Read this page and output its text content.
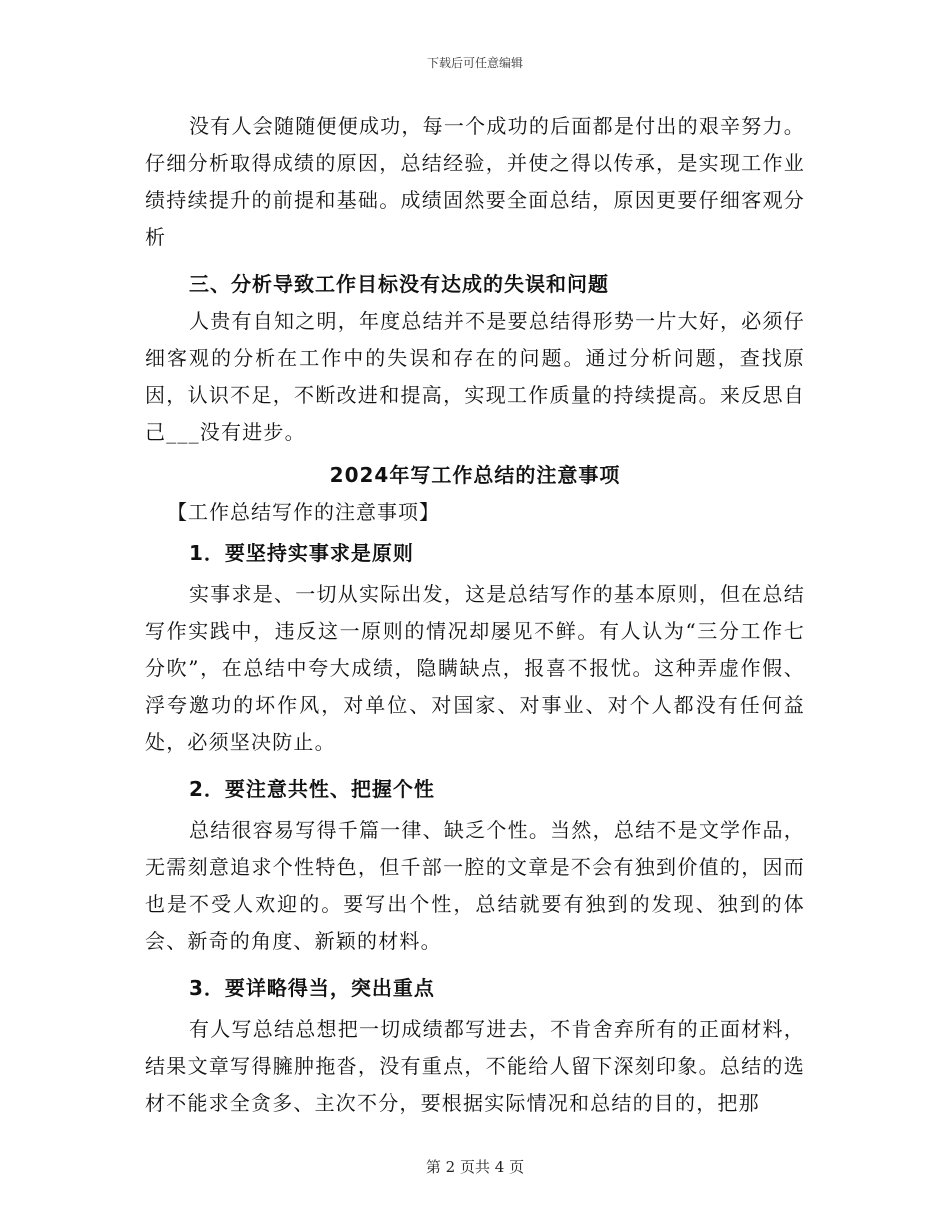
下载后可任意编辑

没有人会随随便便成功，每一个成功的后面都是付出的艰辛努力。仔细分析取得成绩的原因，总结经验，并使之得以传承，是实现工作业绩持续提升的前提和基础。成绩固然要全面总结，原因更要仔细客观分析

三、分析导致工作目标没有达成的失误和问题

人贵有自知之明，年度总结并不是要总结得形势一片大好，必须仔细客观的分析在工作中的失误和存在的问题。通过分析问题，查找原因，认识不足，不断改进和提高，实现工作质量的持续提高。来反思自己___没有进步。

2024年写工作总结的注意事项

【工作总结写作的注意事项】

1．要坚持实事求是原则

实事求是、一切从实际出发，这是总结写作的基本原则，但在总结写作实践中，违反这一原则的情况却屡见不鲜。有人认为“三分工作七分吹”，在总结中夸大成绩，隐瞒缺点，报喜不报忧。这种弄虚作假、浮夸邀功的坏作风，对单位、对国家、对事业、对个人都没有任何益处，必须坚决防止。

2．要注意共性、把握个性

总结很容易写得千篇一律、缺乏个性。当然，总结不是文学作品，无需刻意追求个性特色，但千部一腔的文章是不会有独到价值的，因而也是不受人欢迎的。要写出个性，总结就要有独到的发现、独到的体会、新奇的角度、新颖的材料。

3．要详略得当，突出重点

有人写总结总想把一切成绩都写进去，不肯舍弃所有的正面材料，结果文章写得臃肿拖沓，没有重点，不能给人留下深刻印象。总结的选材不能求全贪多、主次不分，要根据实际情况和总结的目的，把那

第 2 页共 4 页
